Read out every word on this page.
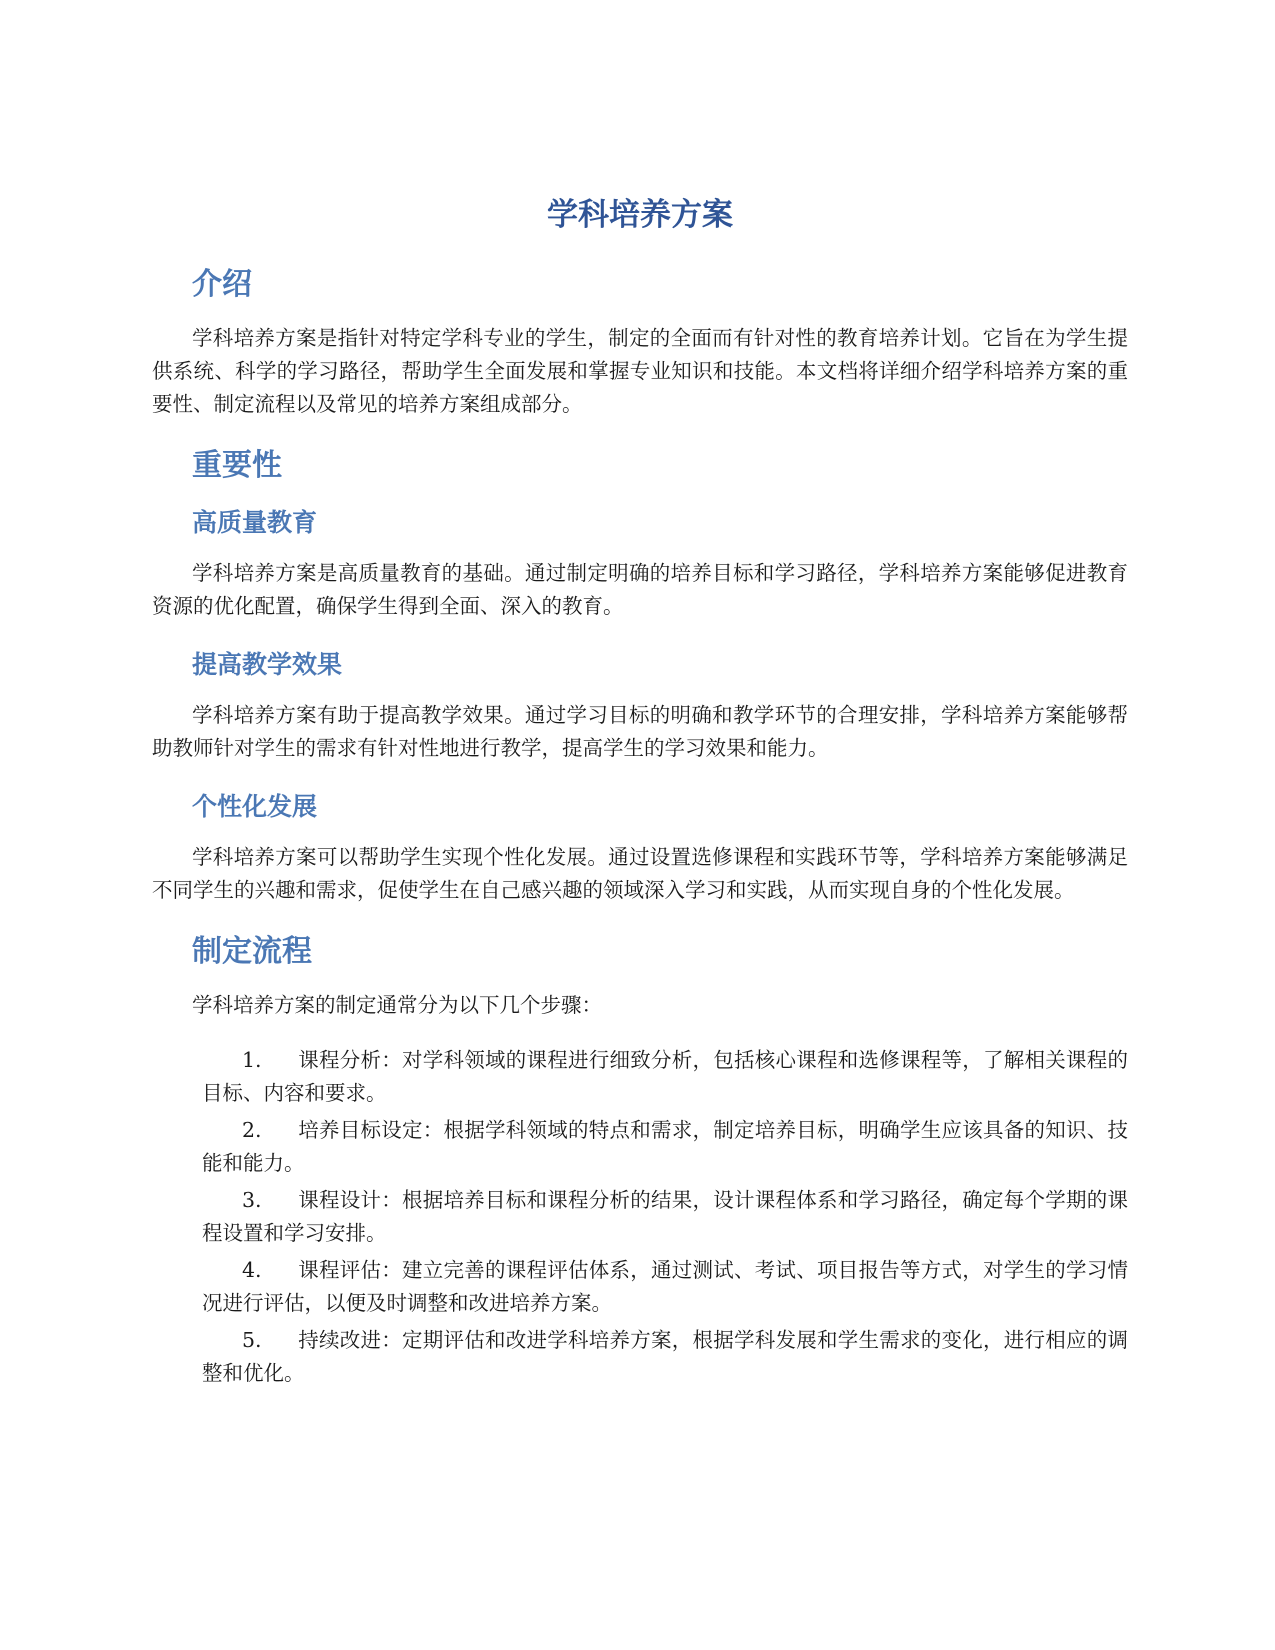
学科培养方案
介绍

学科培养方案是指针对特定学科专业的学生，制定的全面而有针对性的教育培养计划。它旨在为学生提供系统、科学的学习路径，帮助学生全面发展和掌握专业知识和技能。本文档将详细介绍学科培养方案的重要性、制定流程以及常见的培养方案组成部分。

重要性
高质量教育

学科培养方案是高质量教育的基础。通过制定明确的培养目标和学习路径，学科培养方案能够促进教育资源的优化配置，确保学生得到全面、深入的教育。

提高教学效果

学科培养方案有助于提高教学效果。通过学习目标的明确和教学环节的合理安排，学科培养方案能够帮助教师针对学生的需求有针对性地进行教学，提高学生的学习效果和能力。

个性化发展

学科培养方案可以帮助学生实现个性化发展。通过设置选修课程和实践环节等，学科培养方案能够满足不同学生的兴趣和需求，促使学生在自己感兴趣的领域深入学习和实践，从而实现自身的个性化发展。

制定流程

学科培养方案的制定通常分为以下几个步骤：

1. 课程分析：对学科领域的课程进行细致分析，包括核心课程和选修课程等，了解相关课程的目标、内容和要求。
2. 培养目标设定：根据学科领域的特点和需求，制定培养目标，明确学生应该具备的知识、技能和能力。
3. 课程设计：根据培养目标和课程分析的结果，设计课程体系和学习路径，确定每个学期的课程设置和学习安排。
4. 课程评估：建立完善的课程评估体系，通过测试、考试、项目报告等方式，对学生的学习情况进行评估，以便及时调整和改进培养方案。
5. 持续改进：定期评估和改进学科培养方案，根据学科发展和学生需求的变化，进行相应的调整和优化。
